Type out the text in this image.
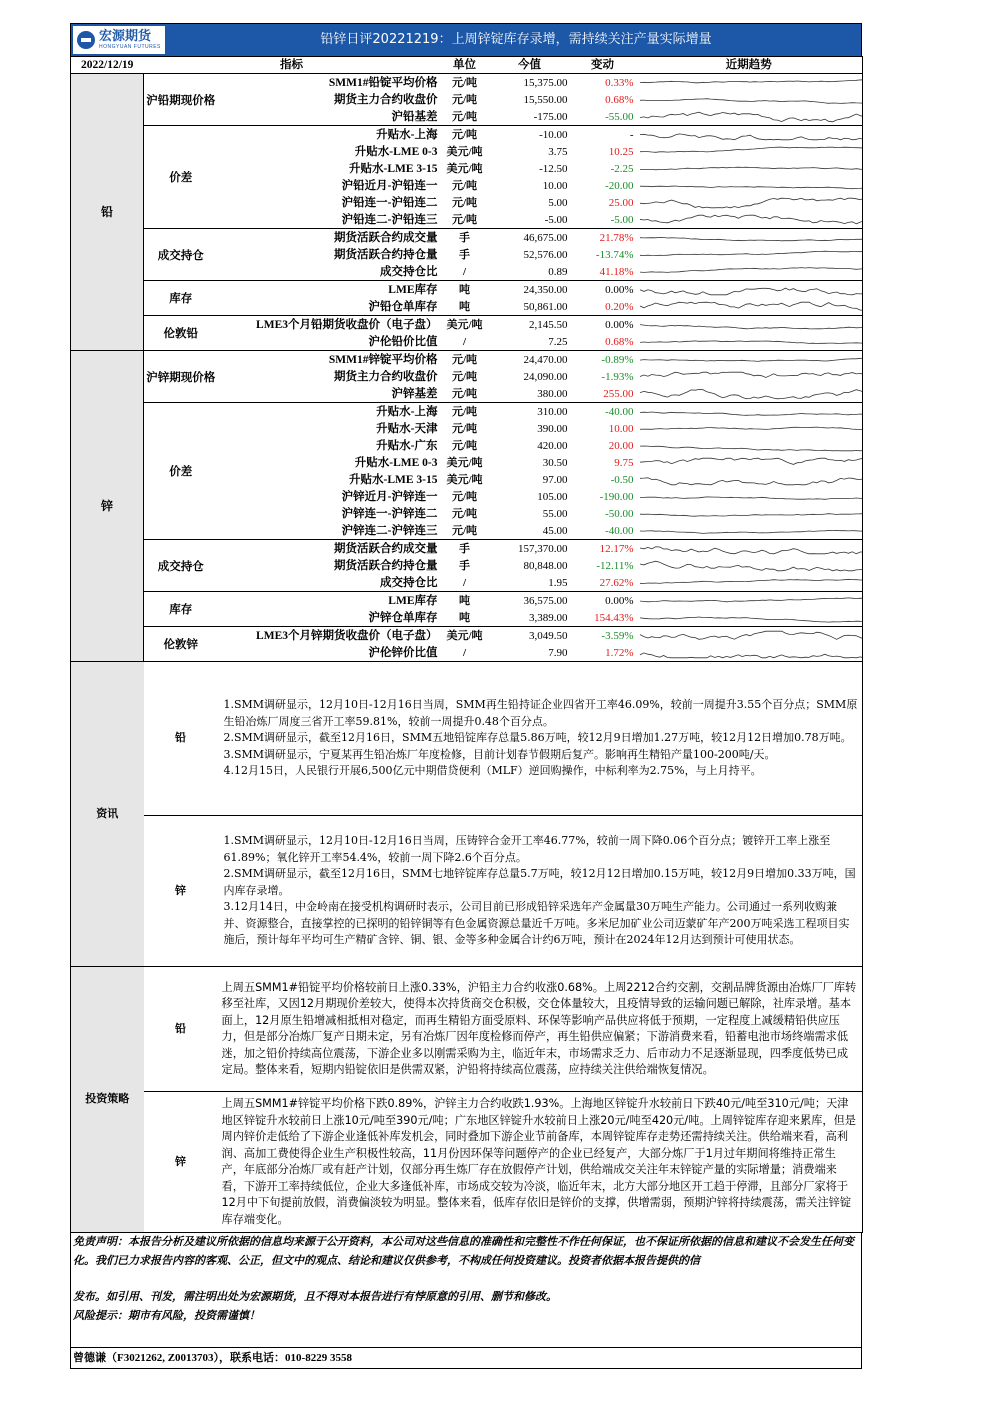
宏源期货
HONGYUAN FUTURES	铅锌日评20221219：上周锌锭库存录增，需持续关注产量实际增量
2022/12/19	指标		单位	今值	变动	近期趋势
铅	沪铅期现价格	SMM1#铅锭平均价格	元/吨	15,375.00	0.33%	

		期货主力合约收盘价	元/吨	15,550.00	0.68%	

		沪铅基差	元/吨	-175.00	-55.00	

	价差	升贴水-上海	元/吨	-10.00	-	

		升贴水-LME 0-3	美元/吨	3.75	10.25	

		升贴水-LME 3-15	美元/吨	-12.50	-2.25	

		沪铅近月-沪铅连一	元/吨	10.00	-20.00	

		沪铅连一-沪铅连二	元/吨	5.00	25.00	

		沪铅连二-沪铅连三	元/吨	-5.00	-5.00	

	成交持仓	期货活跃合约成交量	手	46,675.00	21.78%	

		期货活跃合约持仓量	手	52,576.00	-13.74%	

		成交持仓比	/	0.89	41.18%	

	库存	LME库存	吨	24,350.00	0.00%	

		沪铅仓单库存	吨	50,861.00	0.20%	

	伦敦铅	LME3个月铅期货收盘价（电子盘）	美元/吨	2,145.50	0.00%	

		沪伦铅价比值	/	7.25	0.68%	

锌	沪锌期现价格	SMM1#锌锭平均价格	元/吨	24,470.00	-0.89%	

		期货主力合约收盘价	元/吨	24,090.00	-1.93%	

		沪锌基差	元/吨	380.00	255.00	

	价差	升贴水-上海	元/吨	310.00	-40.00	

		升贴水-天津	元/吨	390.00	10.00	

		升贴水-广东	元/吨	420.00	20.00	

		升贴水-LME 0-3	美元/吨	30.50	9.75	

		升贴水-LME 3-15	美元/吨	97.00	-0.50	

		沪锌近月-沪锌连一	元/吨	105.00	-190.00	

		沪锌连一-沪锌连二	元/吨	55.00	-50.00	

		沪锌连二-沪锌连三	元/吨	45.00	-40.00	

	成交持仓	期货活跃合约成交量	手	157,370.00	12.17%	

		期货活跃合约持仓量	手	80,848.00	-12.11%	

		成交持仓比	/	1.95	27.62%	

	库存	LME库存	吨	36,575.00	0.00%	

		沪锌仓单库存	吨	3,389.00	154.43%	

	伦敦锌	LME3个月锌期货收盘价（电子盘）	美元/吨	3,049.50	-3.59%	

		沪伦锌价比值	/	7.90	1.72%	
资讯	铅	1.SMM调研显示，12月10日-12月16日当周，SMM再生铅持证企业四省开工率46.09%，较前一周提升3.55个百分点；SMM原生铅冶炼厂周度三省开工率59.81%，较前一周提升0.48个百分点。

2.SMM调研显示，截至12月16日，SMM五地铅锭库存总量5.86万吨，较12月9日增加1.27万吨，较12月12日增加0.78万吨。

3.SMM调研显示，宁夏某再生铅冶炼厂年度检修，目前计划春节假期后复产。影响再生精铅产量100-200吨/天。

4.12月15日，人民银行开展6,500亿元中期借贷便利（MLF）逆回购操作，中标利率为2.75%，与上月持平。

	锌	1.SMM调研显示，12月10日-12月16日当周，压铸锌合金开工率46.77%，较前一周下降0.06个百分点；镀锌开工率上涨至61.89%；氧化锌开工率54.4%，较前一周下降2.6个百分点。

2.SMM调研显示，截至12月16日，SMM七地锌锭库存总量5.7万吨，较12月12日增加0.15万吨，较12月9日增加0.33万吨，国内库存录增。

3.12月14日，中金岭南在接受机构调研时表示，公司目前已形成铅锌采选年产金属量30万吨生产能力。公司通过一系列收购兼并、资源整合，直接掌控的已探明的铅锌铜等有色金属资源总量近千万吨。多米尼加矿业公司迈蒙矿年产200万吨采选工程项目实施后，预计每年平均可生产精矿含锌、铜、银、金等多种金属合计约6万吨，预计在2024年12月达到预计可使用状态。

投资策略	铅	上周五SMM1#铅锭平均价格较前日上涨0.33%，沪铅主力合约收涨0.68%。上周2212合约交割，交割品牌货源由冶炼厂厂库转移至社库，又因12月期现价差较大，使得本次持货商交仓积极，交仓体量较大，且疫情导致的运输问题已解除，社库录增。基本面上，12月原生铅增减相抵相对稳定，而再生精铅方面受原料、环保等影响产品供应将低于预期，一定程度上减缓精铅供应压力，但是部分冶炼厂复产日期未定，另有冶炼厂因年度检修而停产，再生铅供应偏紧；下游消费来看，铅蓄电池市场终端需求低迷，加之铅价持续高位震荡，下游企业多以刚需采购为主，临近年末，市场需求乏力、后市动力不足逐渐显现，四季度低势已成定局。整体来看，短期内铅锭依旧是供需双紧，沪铅将持续高位震荡，应持续关注供给端恢复情况。
	锌	上周五SMM1#锌锭平均价格下跌0.89%，沪锌主力合约收跌1.93%。上海地区锌锭升水较前日下跌40元/吨至310元/吨；天津地区锌锭升水较前日上涨10元/吨至390元/吨；广东地区锌锭升水较前日上涨20元/吨至420元/吨。上周锌锭库存迎来累库，但是周内锌价走低给了下游企业逢低补库发机会，同时叠加下游企业节前备库，本周锌锭库存走势还需持续关注。供给端来看，高利润、高加工费使得企业生产积极性较高，11月份因环保等问题停产的企业已经复产，大部分炼厂于1月过年期间将维持正常生产，年底部分冶炼厂或有赶产计划，仅部分再生炼厂存在放假停产计划，供给端成交关注年末锌锭产量的实际增量；消费端来看，下游开工率持续低位，企业大多逢低补库，市场成交较为冷淡，临近年末，北方大部分地区开工趋于停滞，且部分厂家将于12月中下旬提前放假，消费偏淡较为明显。整体来看，低库存依旧是锌价的支撑，供增需弱，预期沪锌将持续震荡，需关注锌锭库存端变化。
免责声明：本报告分析及建议所依据的信息均来源于公开资料，本公司对这些信息的准确性和完整性不作任何保证，也不保证所依据的信息和建议不会发生任何变化。我们已力求报告内容的客观、公正，但文中的观点、结论和建议仅供参考，不构成任何投资建议。投资者依据本报告提供的信
发布。如引用、刊发，需注明出处为宏源期货，且不得对本报告进行有悖原意的引用、删节和修改。
风险提示：期市有风险，投资需谨慎！
曾德谦（F3021262, Z0013703），联系电话：010-8229 3558
